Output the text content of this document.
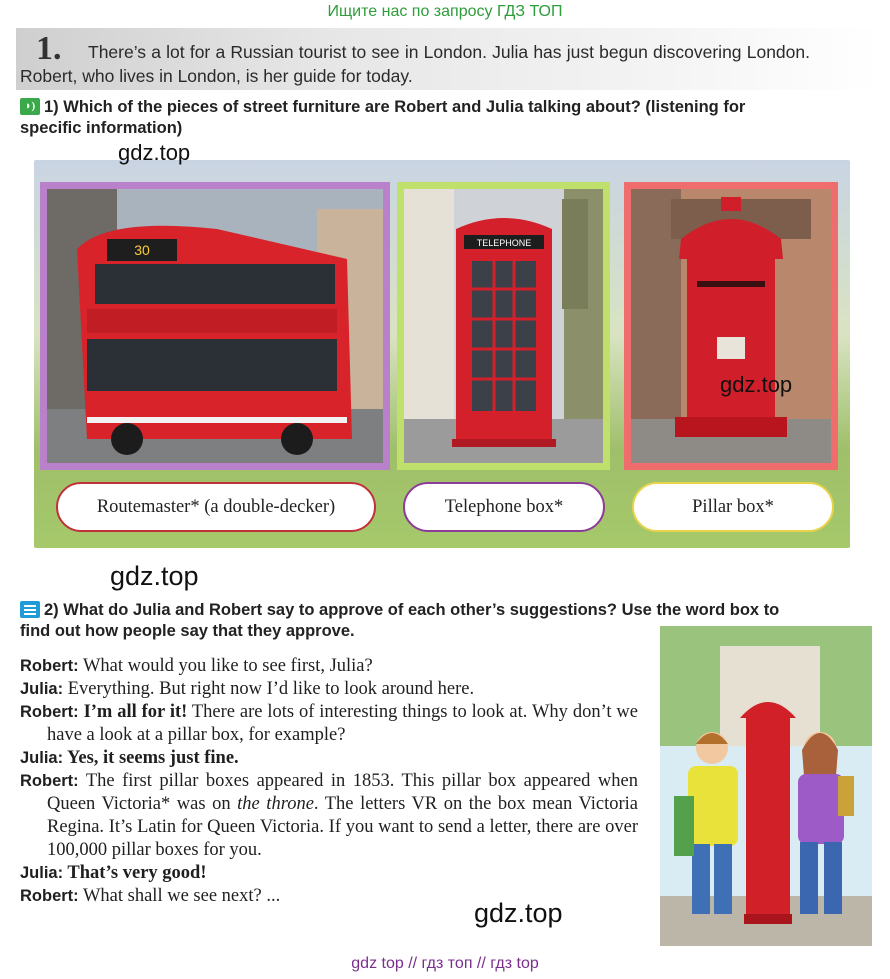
Ищите нас по запросу ГДЗ ТОП
1.	There’s a lot for a Russian tourist to see in London. Julia has just begun discovering London. Robert, who lives in London, is her guide for today.
◗) 1) Which of the pieces of street furniture are Robert and Julia talking about? (listening for specific information)
30	TELEPHONE
Routemaster* (a double-decker)	Telephone box*	Pillar box*
gdz.top
gdz.top
gdz.top
2) What do Julia and Robert say to approve of each other’s suggestions? Use the word box to find out how people say that they approve.
Robert: What would you like to see first, Julia?
Julia: Everything. But right now I’d like to look around here.
Robert: I’m all for it! There are lots of interesting things to look at. Why don’t we have a look at a pillar box, for example?
Julia: Yes, it seems just fine.
Robert: The first pillar boxes appeared in 1853. This pillar box appeared when Queen Victoria* was on the throne. The letters VR on the box mean Victoria Regina. It’s Latin for Queen Victoria. If you want to send a letter, there are over 100,000 pillar boxes for you.
Julia: That’s very good!
Robert: What shall we see next? ...
gdz.top
gdz top // гдз топ // гдз top
